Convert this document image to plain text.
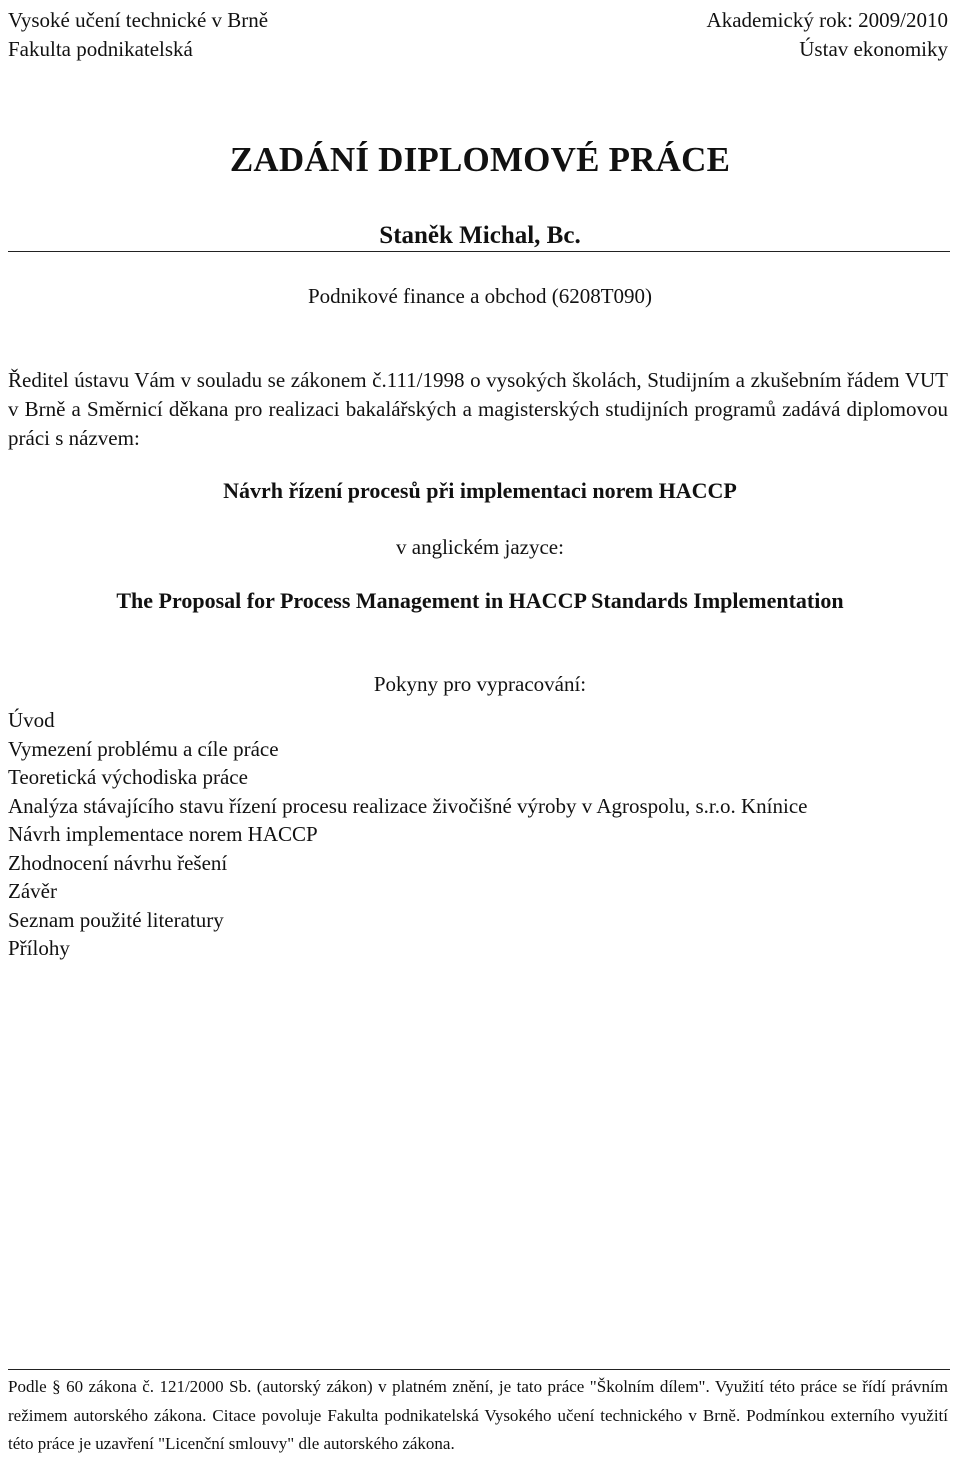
Vysoké učení technické v Brně
Fakulta podnikatelská
Akademický rok: 2009/2010
Ústav ekonomiky
ZADÁNÍ DIPLOMOVÉ PRÁCE
Staněk Michal, Bc.
Podnikové finance a obchod (6208T090)
Ředitel ústavu Vám v souladu se zákonem č.111/1998 o vysokých školách, Studijním a zkušebním řádem VUT v Brně a Směrnicí děkana pro realizaci bakalářských a magisterských studijních programů zadává diplomovou práci s názvem:
Návrh řízení procesů při implementaci norem HACCP
v anglickém jazyce:
The Proposal for Process Management in HACCP Standards Implementation
Pokyny pro vypracování:
Úvod
Vymezení problému a cíle práce
Teoretická východiska práce
Analýza stávajícího stavu řízení procesu realizace živočišné výroby v Agrospolu, s.r.o. Knínice
Návrh implementace norem HACCP
Zhodnocení návrhu řešení
Závěr
Seznam použité literatury
Přílohy
Podle § 60 zákona č. 121/2000 Sb. (autorský zákon) v platném znění, je tato práce "Školním dílem". Využití této práce se řídí právním režimem autorského zákona. Citace povoluje Fakulta podnikatelská Vysokého učení technického v Brně. Podmínkou externího využití této práce je uzavření "Licenční smlouvy" dle autorského zákona.
